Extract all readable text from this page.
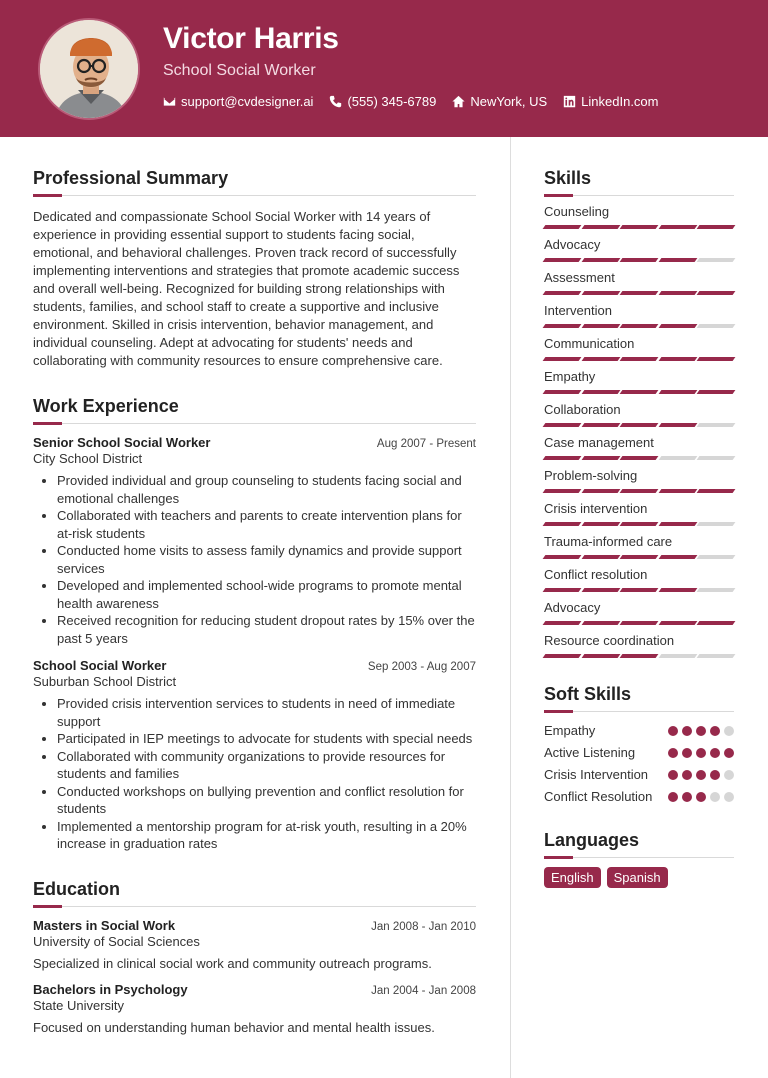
Victor Harris
School Social Worker
support@cvdesigner.ai	(555) 345-6789	NewYork, US	LinkedIn.com
Professional Summary
Dedicated and compassionate School Social Worker with 14 years of experience in providing essential support to students facing social, emotional, and behavioral challenges. Proven track record of successfully implementing interventions and strategies that promote academic success and overall well-being. Recognized for building strong relationships with students, families, and school staff to create a supportive and inclusive environment. Skilled in crisis intervention, behavior management, and individual counseling. Adept at advocating for students' needs and collaborating with community resources to ensure comprehensive care.
Work Experience
Senior School Social Worker	Aug 2007 - Present
City School District
• Provided individual and group counseling to students facing social and emotional challenges
• Collaborated with teachers and parents to create intervention plans for at-risk students
• Conducted home visits to assess family dynamics and provide support services
• Developed and implemented school-wide programs to promote mental health awareness
• Received recognition for reducing student dropout rates by 15% over the past 5 years
School Social Worker	Sep 2003 - Aug 2007
Suburban School District
• Provided crisis intervention services to students in need of immediate support
• Participated in IEP meetings to advocate for students with special needs
• Collaborated with community organizations to provide resources for students and families
• Conducted workshops on bullying prevention and conflict resolution for students
• Implemented a mentorship program for at-risk youth, resulting in a 20% increase in graduation rates
Education
Masters in Social Work	Jan 2008 - Jan 2010
University of Social Sciences
Specialized in clinical social work and community outreach programs.
Bachelors in Psychology	Jan 2004 - Jan 2008
State University
Focused on understanding human behavior and mental health issues.
Skills
Counseling
Advocacy
Assessment
Intervention
Communication
Empathy
Collaboration
Case management
Problem-solving
Crisis intervention
Trauma-informed care
Conflict resolution
Advocacy
Resource coordination
Soft Skills
Empathy
Active Listening
Crisis Intervention
Conflict Resolution
Languages
English	Spanish
